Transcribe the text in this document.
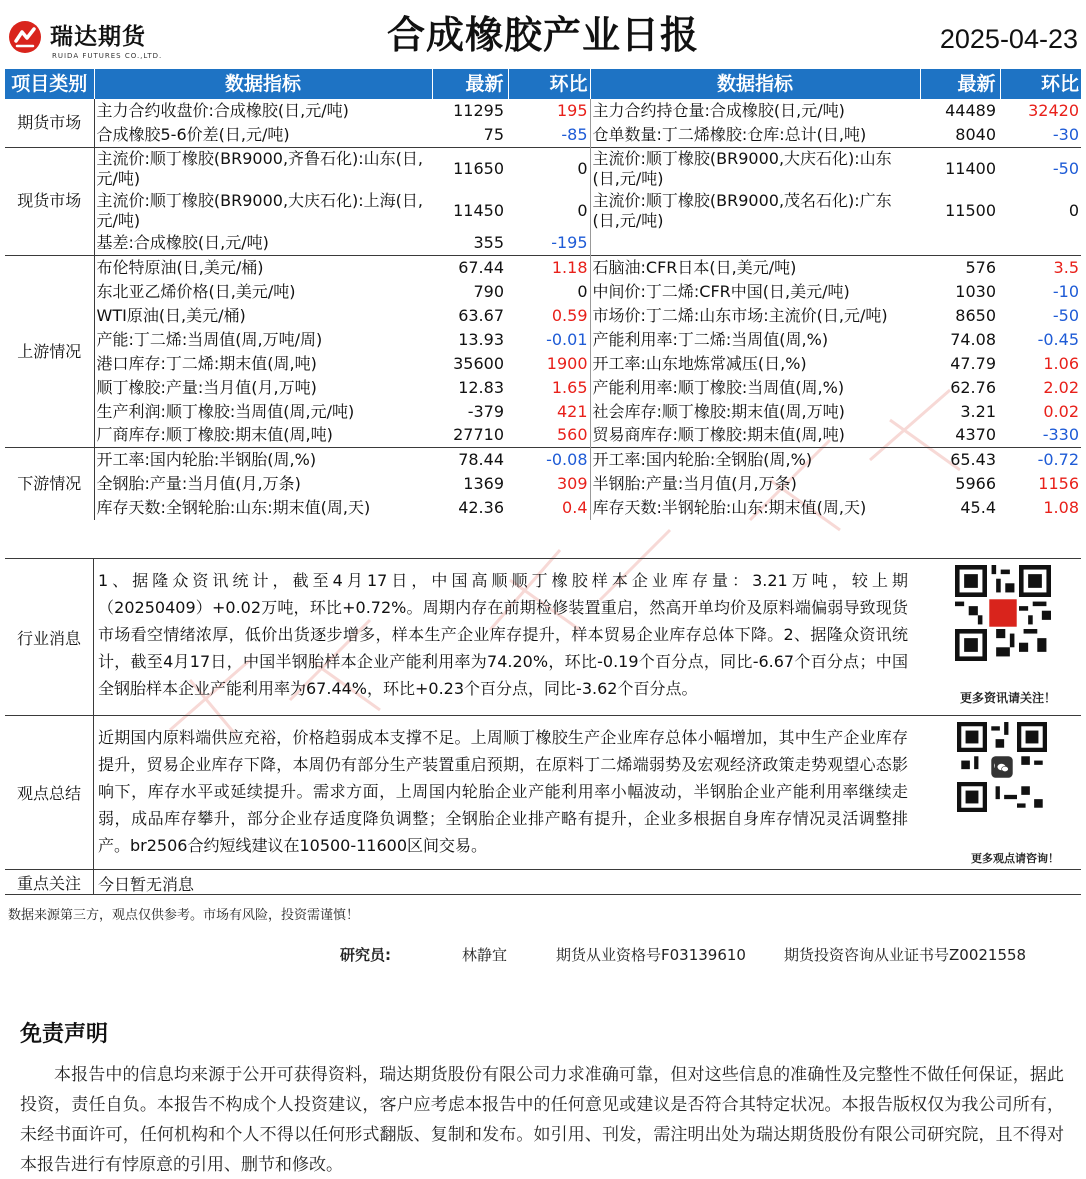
瑞达期货
RUIDA FUTURES CO.,LTD.	合成橡胶产业日报	2025-04-23
项目类别	数据指标	最新	环比	数据指标	最新	环比
期货市场	主力合约收盘价:合成橡胶(日,元/吨)	11295	195	主力合约持仓量:合成橡胶(日,元/吨)	44489	32420
	合成橡胶5-6价差(日,元/吨)	75	-85	仓单数量:丁二烯橡胶:仓库:总计(日,吨)	8040	-30
现货市场	主流价:顺丁橡胶(BR9000,齐鲁石化):山东(日,元/吨)	11650	0	主流价:顺丁橡胶(BR9000,大庆石化):山东(日,元/吨)	11400	-50
	主流价:顺丁橡胶(BR9000,大庆石化):上海(日,元/吨)	11450	0	主流价:顺丁橡胶(BR9000,茂名石化):广东(日,元/吨)	11500	0
	基差:合成橡胶(日,元/吨)	355	-195			
上游情况	布伦特原油(日,美元/桶)	67.44	1.18	石脑油:CFR日本(日,美元/吨)	576	3.5
	东北亚乙烯价格(日,美元/吨)	790	0	中间价:丁二烯:CFR中国(日,美元/吨)	1030	-10
	WTI原油(日,美元/桶)	63.67	0.59	市场价:丁二烯:山东市场:主流价(日,元/吨)	8650	-50
	产能:丁二烯:当周值(周,万吨/周)	13.93	-0.01	产能利用率:丁二烯:当周值(周,%)	74.08	-0.45
	港口库存:丁二烯:期末值(周,吨)	35600	1900	开工率:山东地炼常减压(日,%)	47.79	1.06
	顺丁橡胶:产量:当月值(月,万吨)	12.83	1.65	产能利用率:顺丁橡胶:当周值(周,%)	62.76	2.02
	生产利润:顺丁橡胶:当周值(周,元/吨)	-379	421	社会库存:顺丁橡胶:期末值(周,万吨)	3.21	0.02
	厂商库存:顺丁橡胶:期末值(周,吨)	27710	560	贸易商库存:顺丁橡胶:期末值(周,吨)	4370	-330
下游情况	开工率:国内轮胎:半钢胎(周,%)	78.44	-0.08	开工率:国内轮胎:全钢胎(周,%)	65.43	-0.72
	全钢胎:产量:当月值(月,万条)	1369	309	半钢胎:产量:当月值(月,万条)	5966	1156
	库存天数:全钢轮胎:山东:期末值(周,天)	42.36	0.4	库存天数:半钢轮胎:山东:期末值(周,天)	45.4	1.08
行业消息
1、据隆众资讯统计，截至4月17日，中国高顺顺丁橡胶样本企业库存量：3.21万吨，较上期（20250409）+0.02万吨，环比+0.72%。周期内存在前期检修装置重启，然高开单均价及原料端偏弱导致现货市场看空情绪浓厚，低价出货逐步增多，样本生产企业库存提升，样本贸易企业库存总体下降。2、据隆众资讯统计，截至4月17日，中国半钢胎样本企业产能利用率为74.20%，环比-0.19个百分点，同比-6.67个百分点；中国全钢胎样本企业产能利用率为67.44%，环比+0.23个百分点，同比-3.62个百分点。	更多资讯请关注！
观点总结
近期国内原料端供应充裕，价格趋弱成本支撑不足。上周顺丁橡胶生产企业库存总体小幅增加，其中生产企业库存提升，贸易企业库存下降，本周仍有部分生产装置重启预期，在原料丁二烯端弱势及宏观经济政策走势观望心态影响下，库存水平或延续提升。需求方面，上周国内轮胎企业产能利用率小幅波动，半钢胎企业产能利用率继续走弱，成品库存攀升，部分企业存适度降负调整；全钢胎企业排产略有提升，企业多根据自身库存情况灵活调整排产。br2506合约短线建议在10500-11600区间交易。
更多观点请咨询！
重点关注	今日暂无消息
数据来源第三方，观点仅供参考。市场有风险，投资需谨慎！
研究员:	林静宜	期货从业资格号F03139610	期货投资咨询从业证书号Z0021558
免责声明
本报告中的信息均来源于公开可获得资料，瑞达期货股份有限公司力求准确可靠，但对这些信息的准确性及完整性不做任何保证，据此投资，责任自负。本报告不构成个人投资建议，客户应考虑本报告中的任何意见或建议是否符合其特定状况。本报告版权仅为我公司所有，未经书面许可，任何机构和个人不得以任何形式翻版、复制和发布。如引用、刊发，需注明出处为瑞达期货股份有限公司研究院，且不得对本报告进行有悖原意的引用、删节和修改。
